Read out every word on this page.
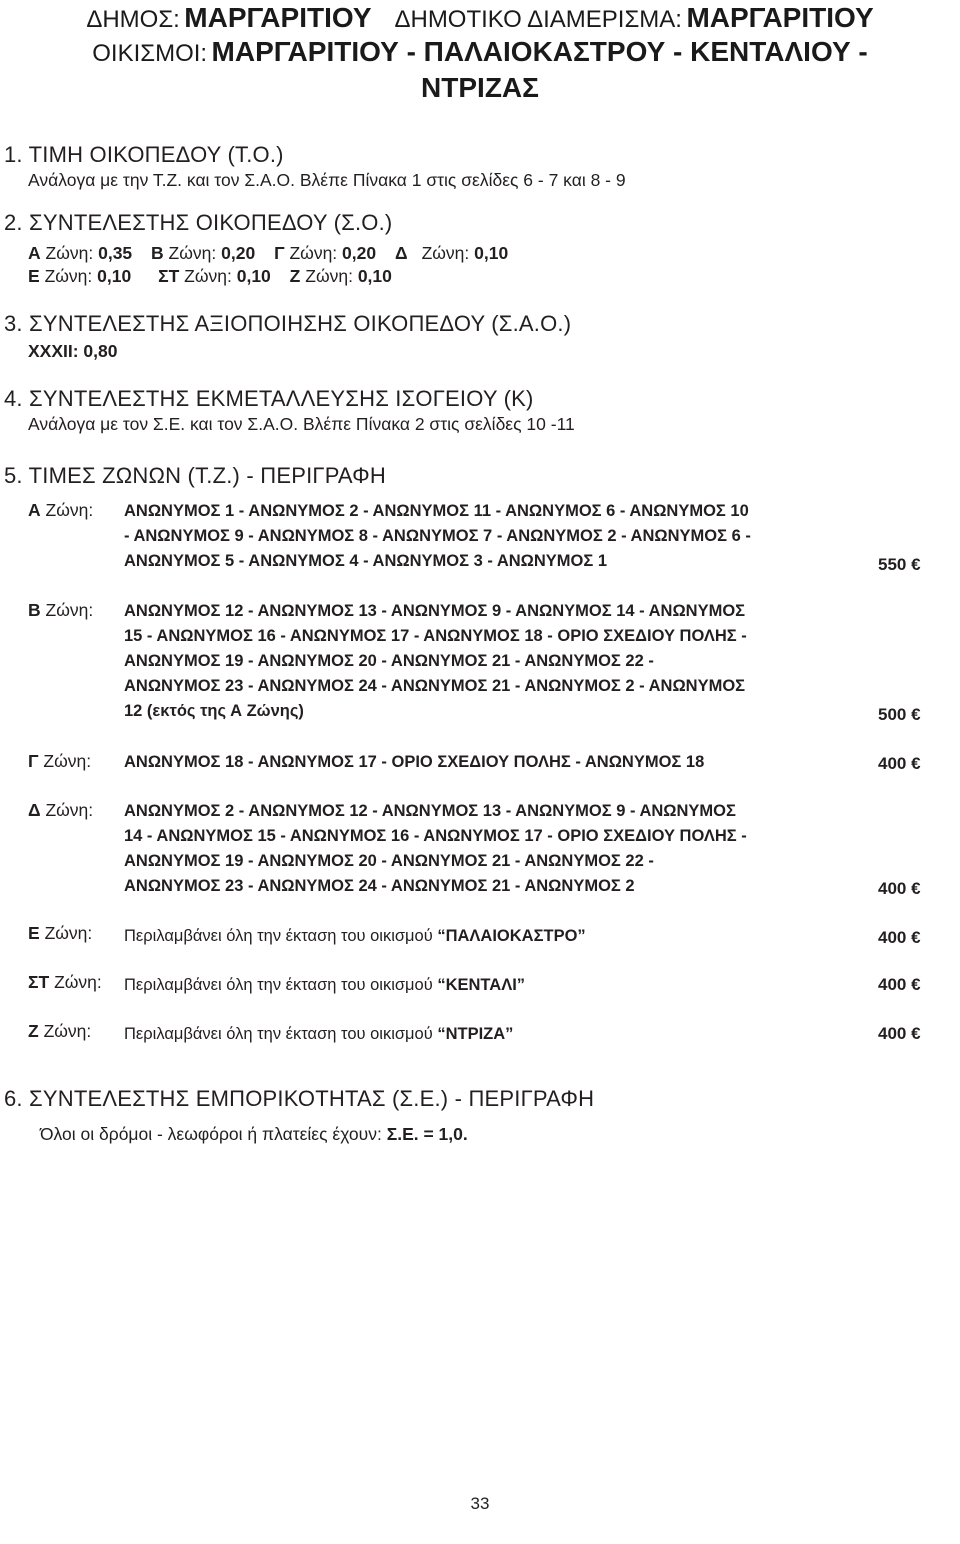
ΔΗΜΟΣ: ΜΑΡΓΑΡΙΤΙΟΥ ΔΗΜΟΤΙΚΟ ΔΙΑΜΕΡΙΣΜΑ: ΜΑΡΓΑΡΙΤΙΟΥ
ΟΙΚΙΣΜΟΙ: ΜΑΡΓΑΡΙΤΙΟΥ - ΠΑΛΑΙΟΚΑΣΤΡΟΥ - ΚΕΝΤΑΛΙΟΥ -
ΝΤΡΙΖΑΣ
1. ΤΙΜΗ ΟΙΚΟΠΕΔΟΥ (Τ.Ο.)
Ανάλογα με την Τ.Ζ. και τον Σ.Α.Ο. Βλέπε Πίνακα 1 στις σελίδες 6 - 7 και 8 - 9
2. ΣΥΝΤΕΛΕΣΤΗΣ ΟΙΚΟΠΕΔΟΥ (Σ.Ο.)
Α Ζώνη: 0,35 Β Ζώνη: 0,20 Γ Ζώνη: 0,20 Δ Ζώνη: 0,10
Ε Ζώνη: 0,10 ΣΤ Ζώνη: 0,10 Ζ Ζώνη: 0,10
3. ΣΥΝΤΕΛΕΣΤΗΣ ΑΞΙΟΠΟΙΗΣΗΣ ΟΙΚΟΠΕΔΟΥ (Σ.Α.Ο.)
XXXII: 0,80
4. ΣΥΝΤΕΛΕΣΤΗΣ ΕΚΜΕΤΑΛΛΕΥΣΗΣ ΙΣΟΓΕΙΟΥ (Κ)
Ανάλογα με τον Σ.Ε. και τον Σ.Α.Ο. Βλέπε Πίνακα 2 στις σελίδες 10 -11
5. ΤΙΜΕΣ ΖΩΝΩΝ (Τ.Ζ.) - ΠΕΡΙΓΡΑΦΗ
Α Ζώνη: ΑΝΩΝΥΜΟΣ 1 - ΑΝΩΝΥΜΟΣ 2 - ΑΝΩΝΥΜΟΣ 11 - ΑΝΩΝΥΜΟΣ 6 - ΑΝΩΝΥΜΟΣ 10
- ΑΝΩΝΥΜΟΣ 9 - ΑΝΩΝΥΜΟΣ 8 - ΑΝΩΝΥΜΟΣ 7 - ΑΝΩΝΥΜΟΣ 2 - ΑΝΩΝΥΜΟΣ 6 -
ΑΝΩΝΥΜΟΣ 5 - ΑΝΩΝΥΜΟΣ 4 - ΑΝΩΝΥΜΟΣ 3 - ΑΝΩΝΥΜΟΣ 1	550 €
Β Ζώνη: ΑΝΩΝΥΜΟΣ 12 - ΑΝΩΝΥΜΟΣ 13 - ΑΝΩΝΥΜΟΣ 9 - ΑΝΩΝΥΜΟΣ 14 - ΑΝΩΝΥΜΟΣ
15 - ΑΝΩΝΥΜΟΣ 16 - ΑΝΩΝΥΜΟΣ 17 - ΑΝΩΝΥΜΟΣ 18 - ΟΡΙΟ ΣΧΕΔΙΟΥ ΠΟΛΗΣ -
ΑΝΩΝΥΜΟΣ 19 - ΑΝΩΝΥΜΟΣ 20 - ΑΝΩΝΥΜΟΣ 21 - ΑΝΩΝΥΜΟΣ 22 -
ΑΝΩΝΥΜΟΣ 23 - ΑΝΩΝΥΜΟΣ 24 - ΑΝΩΝΥΜΟΣ 21 - ΑΝΩΝΥΜΟΣ 2 - ΑΝΩΝΥΜΟΣ
12 (εκτός της Α Ζώνης)	500 €
Γ Ζώνη: ΑΝΩΝΥΜΟΣ 18 - ΑΝΩΝΥΜΟΣ 17 - ΟΡΙΟ ΣΧΕΔΙΟΥ ΠΟΛΗΣ - ΑΝΩΝΥΜΟΣ 18	400 €
Δ Ζώνη: ΑΝΩΝΥΜΟΣ 2 - ΑΝΩΝΥΜΟΣ 12 - ΑΝΩΝΥΜΟΣ 13 - ΑΝΩΝΥΜΟΣ 9 - ΑΝΩΝΥΜΟΣ
14 - ΑΝΩΝΥΜΟΣ 15 - ΑΝΩΝΥΜΟΣ 16 - ΑΝΩΝΥΜΟΣ 17 - ΟΡΙΟ ΣΧΕΔΙΟΥ ΠΟΛΗΣ -
ΑΝΩΝΥΜΟΣ 19 - ΑΝΩΝΥΜΟΣ 20 - ΑΝΩΝΥΜΟΣ 21 - ΑΝΩΝΥΜΟΣ 22 -
ΑΝΩΝΥΜΟΣ 23 - ΑΝΩΝΥΜΟΣ 24 - ΑΝΩΝΥΜΟΣ 21 - ΑΝΩΝΥΜΟΣ 2	400 €
Ε Ζώνη: Περιλαμβάνει όλη την έκταση του οικισμού “ΠΑΛΑΙΟΚΑΣΤΡΟ”	400 €
ΣΤ Ζώνη: Περιλαμβάνει όλη την έκταση του οικισμού “ΚΕΝΤΑΛΙ”	400 €
Ζ Ζώνη: Περιλαμβάνει όλη την έκταση του οικισμού “ΝΤΡΙΖΑ”	400 €
6. ΣΥΝΤΕΛΕΣΤΗΣ ΕΜΠΟΡΙΚΟΤΗΤΑΣ (Σ.Ε.) - ΠΕΡΙΓΡΑΦΗ
Όλοι οι δρόμοι - λεωφόροι ή πλατείες έχουν: Σ.Ε. = 1,0.
33
